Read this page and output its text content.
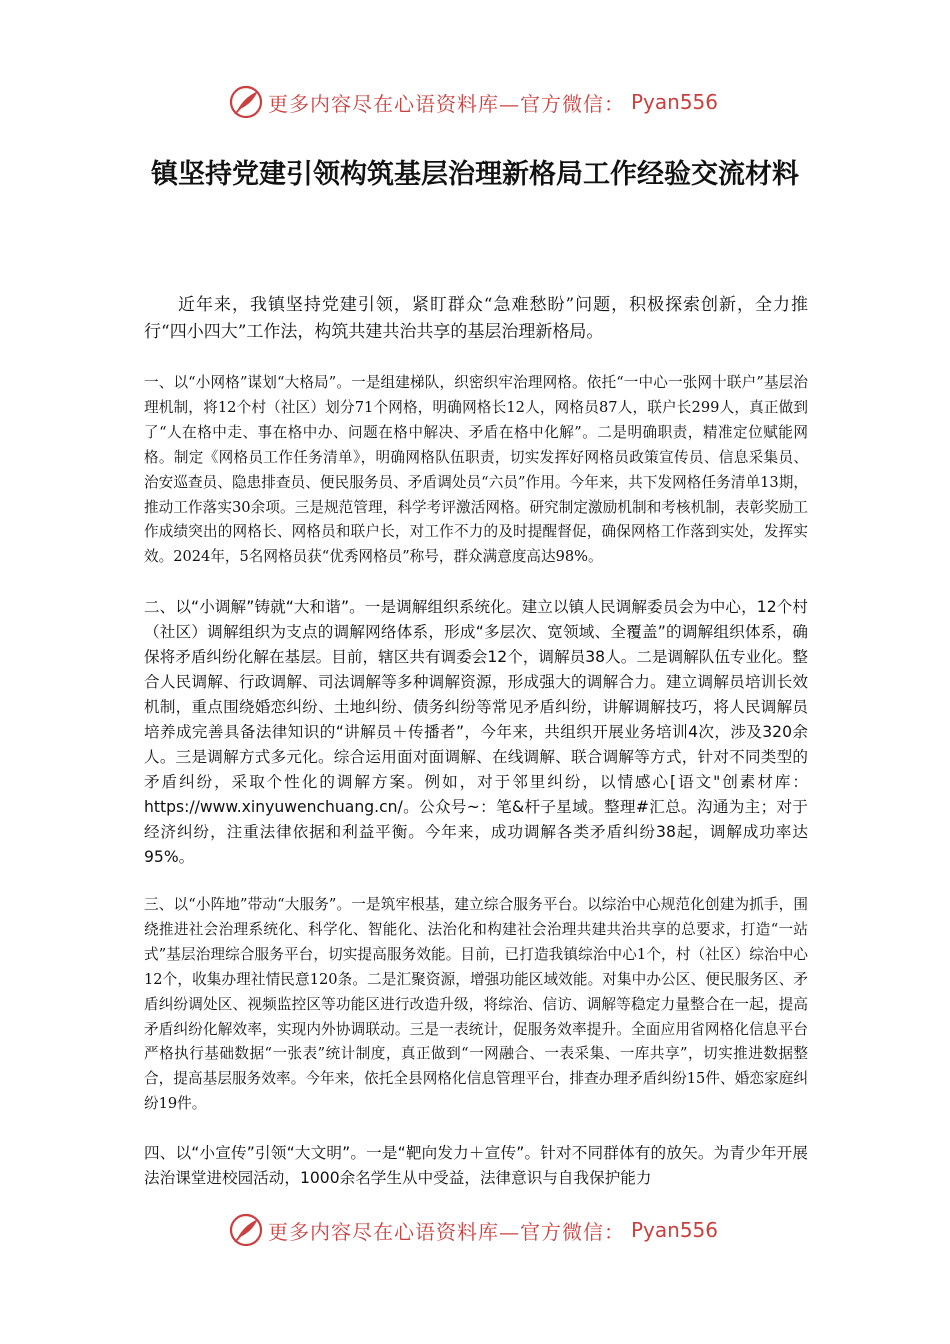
更多内容尽在心语资料库—官方微信： Pyan556
镇坚持党建引领构筑基层治理新格局工作经验交流材料

近年来，我镇坚持党建引领，紧盯群众“急难愁盼”问题，积极探索创新，全力推行“四小四大”工作法，构筑共建共治共享的基层治理新格局。

一、以“小网格”谋划“大格局”。一是组建梯队，织密织牢治理网格。依托“一中心一张网十联户”基层治理机制，将12个村（社区）划分71个网格，明确网格长12人，网格员87人，联户长299人，真正做到了“人在格中走、事在格中办、问题在格中解决、矛盾在格中化解”。二是明确职责，精准定位赋能网格。制定《网格员工作任务清单》，明确网格队伍职责，切实发挥好网格员政策宣传员、信息采集员、治安巡查员、隐患排查员、便民服务员、矛盾调处员“六员”作用。今年来，共下发网格任务清单13期，推动工作落实30余项。三是规范管理，科学考评激活网格。研究制定激励机制和考核机制，表彰奖励工作成绩突出的网格长、网格员和联户长，对工作不力的及时提醒督促，确保网格工作落到实处，发挥实效。2024年，5名网格员获“优秀网格员”称号，群众满意度高达98%。

二、以“小调解”铸就“大和谐”。一是调解组织系统化。建立以镇人民调解委员会为中心，12个村（社区）调解组织为支点的调解网络体系，形成“多层次、宽领域、全覆盖”的调解组织体系，确保将矛盾纠纷化解在基层。目前，辖区共有调委会12个，调解员38人。二是调解队伍专业化。整合人民调解、行政调解、司法调解等多种调解资源，形成强大的调解合力。建立调解员培训长效机制，重点围绕婚恋纠纷、土地纠纷、债务纠纷等常见矛盾纠纷，讲解调解技巧，将人民调解员培养成完善具备法律知识的“讲解员＋传播者”，今年来，共组织开展业务培训4次，涉及320余人。三是调解方式多元化。综合运用面对面调解、在线调解、联合调解等方式，针对不同类型的矛盾纠纷，采取个性化的调解方案。例如，对于邻里纠纷，以情感心[语文"创素材库：https://www.xinyuwenchuang.cn/。公众号~：笔&杆子星域。整理#汇总。沟通为主；对于经济纠纷，注重法律依据和利益平衡。今年来，成功调解各类矛盾纠纷38起，调解成功率达95%。

三、以“小阵地”带动“大服务”。一是筑牢根基，建立综合服务平台。以综治中心规范化创建为抓手，围绕推进社会治理系统化、科学化、智能化、法治化和构建社会治理共建共治共享的总要求，打造“一站式”基层治理综合服务平台，切实提高服务效能。目前，已打造我镇综治中心1个，村（社区）综治中心12个，收集办理社情民意120条。二是汇聚资源，增强功能区域效能。对集中办公区、便民服务区、矛盾纠纷调处区、视频监控区等功能区进行改造升级，将综治、信访、调解等稳定力量整合在一起，提高矛盾纠纷化解效率，实现内外协调联动。三是一表统计，促服务效率提升。全面应用省网格化信息平台严格执行基础数据“一张表”统计制度，真正做到“一网融合、一表采集、一库共享”，切实推进数据整合，提高基层服务效率。今年来，依托全县网格化信息管理平台，排查办理矛盾纠纷15件、婚恋家庭纠纷19件。

四、以“小宣传”引领“大文明”。一是“靶向发力＋宣传”。针对不同群体有的放矢。为青少年开展法治课堂进校园活动，1000余名学生从中受益，法律意识与自我保护能力

更多内容尽在心语资料库—官方微信： Pyan556
